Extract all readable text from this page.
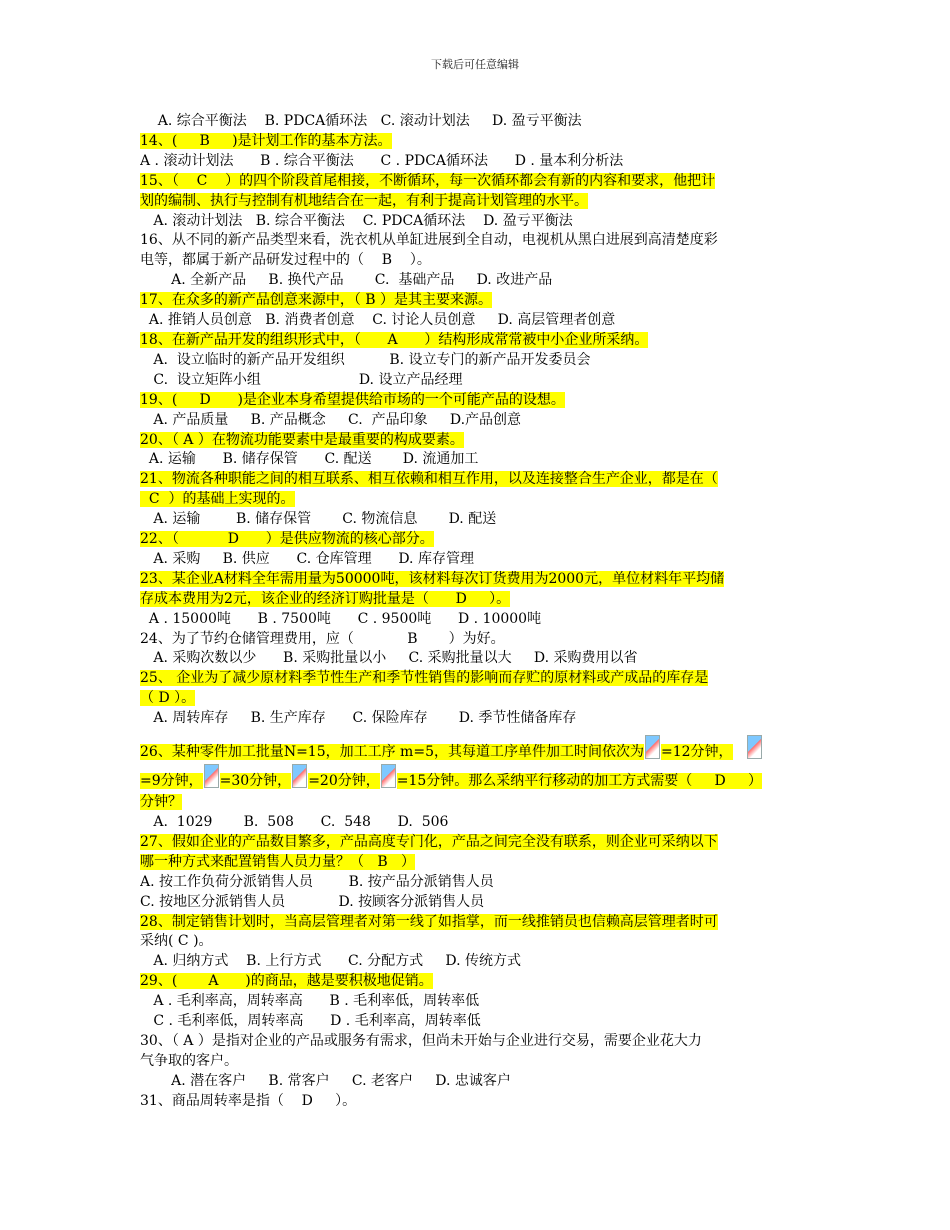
下载后可任意编辑
A. 综合平衡法    B. PDCA循环法   C. 滚动计划法     D. 盈亏平衡法
14、(     B     )是计划工作的基本方法。
A . 滚动计划法      B . 综合平衡法      C . PDCA循环法      D . 量本利分析法
15、（    C    ）的四个阶段首尾相接，不断循环，每一次循环都会有新的内容和要求，他把计
划的编制、执行与控制有机地结合在一起，有利于提高计划管理的水平。
A. 滚动计划法   B. 综合平衡法    C. PDCA循环法    D. 盈亏平衡法
16、从不同的新产品类型来看，洗衣机从单缸进展到全自动，电视机从黑白进展到高清楚度彩
电等，都属于新产品研发过程中的（    B    ）。
A. 全新产品     B. 换代产品       C.  基础产品     D. 改进产品
17、在众多的新产品创意来源中，（ B ）是其主要来源。
A. 推销人员创意   B. 消费者创意    C. 讨论人员创意     D. 高层管理者创意
18、在新产品开发的组织形式中，（      A      ）结构形成常常被中小企业所采纳。
A.  设立临时的新产品开发组织          B. 设立专门的新产品开发委员会
C.  设立矩阵小组                      D. 设立产品经理
19、(     D      )是企业本身希望提供给市场的一个可能产品的设想。
A. 产品质量     B. 产品概念     C.  产品印象     D.产品创意
20、（ A ）在物流功能要素中是最重要的构成要素。
A. 运输      B. 储存保管      C. 配送       D. 流通加工
21、物流各种职能之间的相互联系、相互依赖和相互作用，以及连接整合生产企业，都是在（
C  ）的基础上实现的。
A. 运输        B. 储存保管       C. 物流信息       D. 配送
22、（           D      ）是供应物流的核心部分。
A. 采购     B. 供应      C. 仓库管理      D. 库存管理
23、某企业A材料全年需用量为50000吨，该材料每次订货费用为2000元，单位材料年平均储
存成本费用为2元，该企业的经济订购批量是（      D     ）。
A . 15000吨      B . 7500吨      C . 9500吨      D . 10000吨
24、为了节约仓储管理费用，应（            B       ）为好。
A. 采购次数以少      B. 采购批量以小     C. 采购批量以大     D. 采购费用以省
25、 企业为了减少原材料季节性生产和季节性销售的影响而存贮的原材料或产成品的库存是
（ D ）。
A. 周转库存     B. 生产库存      C. 保险库存       D. 季节性储备库存
26、某种零件加工批量N=15，加工工序 m=5，其每道工序单件加工时间依次为 =12分钟，
=9分钟， =30分钟， =20分钟， =15分钟。那么采纳平行移动的加工方式需要（     D     ）
分钟？
A.  1029       B.  508      C.  548      D.  506
27、假如企业的产品数目繁多，产品高度专门化，产品之间完全没有联系，则企业可采纳以下
哪一种方式来配置销售人员力量？（   B   ）
A. 按工作负荷分派销售人员        B. 按产品分派销售人员
C. 按地区分派销售人员            D. 按顾客分派销售人员
28、制定销售计划时，当高层管理者对第一线了如指掌，而一线推销员也信赖高层管理者时可
采纳( C )。
A. 归纳方式    B. 上行方式      C. 分配方式     D. 传统方式
29、(       A      )的商品，越是要积极地促销。
A . 毛利率高，周转率高      B . 毛利率低，周转率低
C . 毛利率低，周转率高      D . 毛利率高，周转率低
30、（ A ）是指对企业的产品或服务有需求，但尚未开始与企业进行交易，需要企业花大力
气争取的客户。
A. 潜在客户     B. 常客户     C. 老客户     D. 忠诚客户
31、商品周转率是指（    D     ）。
